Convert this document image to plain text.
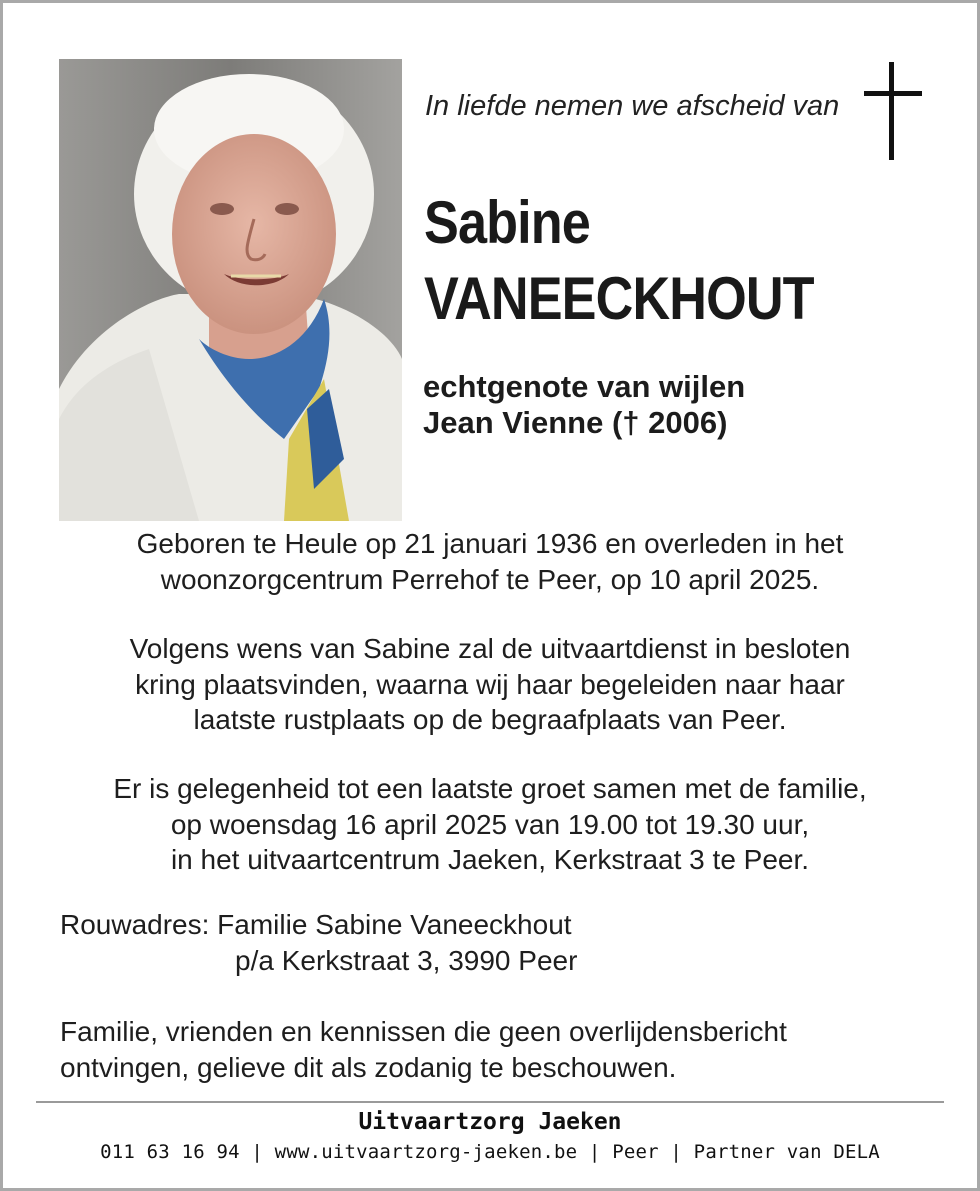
In liefde nemen we afscheid van
Sabine
VANEECKHOUT
echtgenote van wijlen
Jean Vienne († 2006)
Geboren te Heule op 21 januari 1936 en overleden in het
woonzorgcentrum Perrehof te Peer, op 10 april 2025.
Volgens wens van Sabine zal de uitvaartdienst in besloten
kring plaatsvinden, waarna wij haar begeleiden naar haar
laatste rustplaats op de begraafplaats van Peer.
Er is gelegenheid tot een laatste groet samen met de familie,
op woensdag 16 april 2025 van 19.00 tot 19.30 uur,
in het uitvaartcentrum Jaeken, Kerkstraat 3 te Peer.
Rouwadres: Familie Sabine Vaneeckhout
p/a Kerkstraat 3, 3990 Peer
Familie, vrienden en kennissen die geen overlijdensbericht
ontvingen, gelieve dit als zodanig te beschouwen.
Uitvaartzorg Jaeken
011 63 16 94 | www.uitvaartzorg-jaeken.be | Peer | Partner van DELA
